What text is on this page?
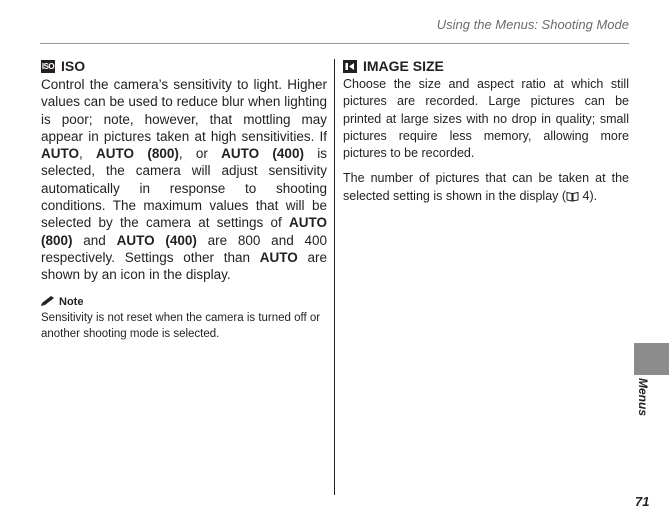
Using the Menus: Shooting Mode
ISO ISO

Control the camera’s sensitivity to light. Higher values can be used to reduce blur when lighting is poor; note, however, that mottling may appear in pictures taken at high sensitivities. If AUTO, AUTO (800), or AUTO (400) is selected, the camera will adjust sensitivity automatically in response to shooting conditions. The maximum values that will be selected by the camera at settings of AUTO (800) and AUTO (400) are 800 and 400 respectively. Settings other than AUTO are shown by an icon in the display.

Note

Sensitivity is not reset when the camera is turned off or another shooting mode is selected.

IMAGE SIZE

Choose the size and aspect ratio at which still pictures are recorded. Large pictures can be printed at large sizes with no drop in quality; small pictures require less memory, allowing more pictures to be recorded.

The number of pictures that can be taken at the selected setting is shown in the display ( 4).

Menus
71
